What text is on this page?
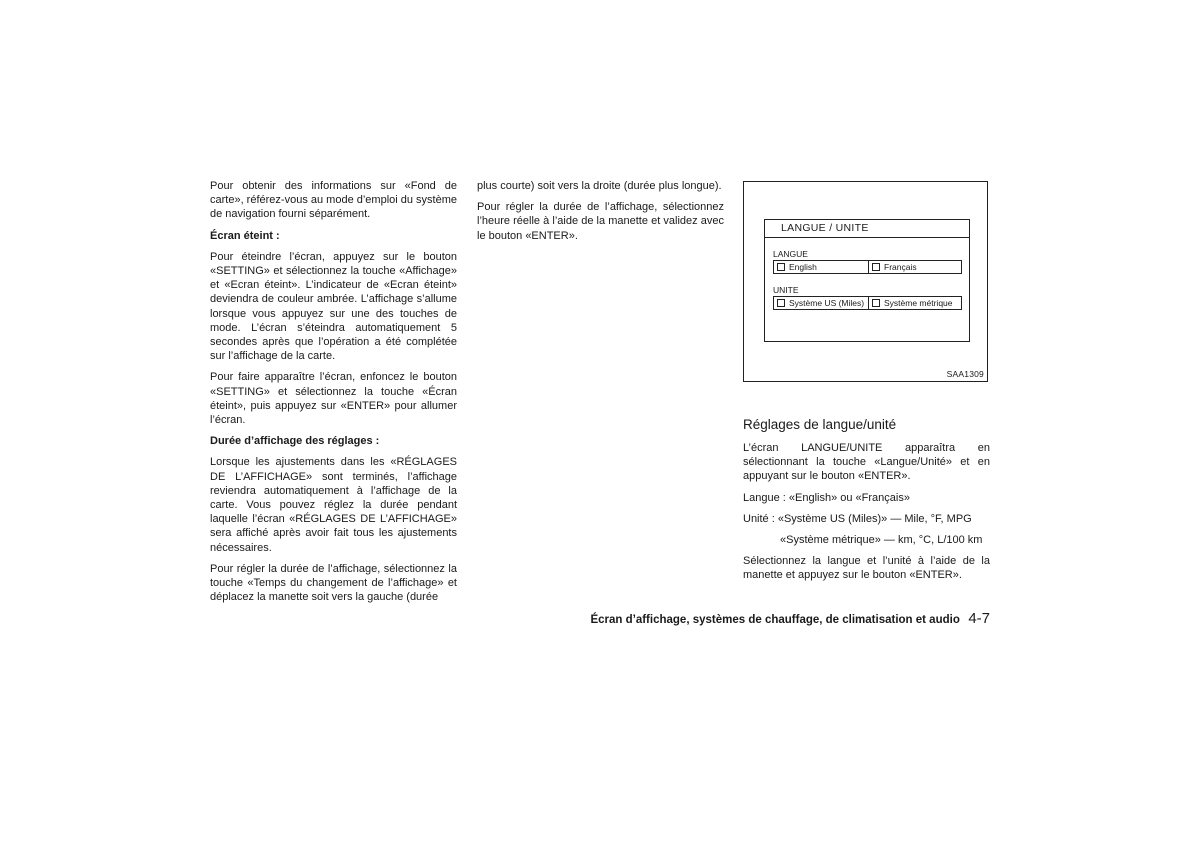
Pour obtenir des informations sur «Fond de carte», référez-vous au mode d’emploi du système de navigation fourni séparément.

Écran éteint :

Pour éteindre l’écran, appuyez sur le bouton «SETTING» et sélectionnez la touche «Affichage» et «Ecran éteint». L’indicateur de «Ecran éteint» deviendra de couleur ambrée. L’affichage s’allume lorsque vous appuyez sur une des touches de mode. L’écran s’éteindra automatiquement 5 secondes après que l’opération a été complétée sur l’affichage de la carte.

Pour faire apparaître l’écran, enfoncez le bouton «SETTING» et sélectionnez la touche «Écran éteint», puis appuyez sur «ENTER» pour allumer l’écran.

Durée d’affichage des réglages :

Lorsque les ajustements dans les «RÉGLAGES DE L’AFFICHAGE» sont terminés, l’affichage reviendra automatiquement à l’affichage de la carte. Vous pouvez réglez la durée pendant laquelle l’écran «RÉGLAGES DE L’AFFICHAGE» sera affiché après avoir fait tous les ajustements nécessaires.

Pour régler la durée de l’affichage, sélectionnez la touche «Temps du changement de l’affichage» et déplacez la manette soit vers la gauche (durée

plus courte) soit vers la droite (durée plus longue).

Pour régler la durée de l’affichage, sélectionnez l’heure réelle à l’aide de la manette et validez avec le bouton «ENTER».

LANGUE / UNITE
LANGUE
English	Français
UNITE
Système US (Miles) Système métrique
SAA1309
Réglages de langue/unité

L’écran LANGUE/UNITE apparaîtra en sélectionnant la touche «Langue/Unité» et en appuyant sur le bouton «ENTER».

Langue : «English» ou «Français»

Unité : «Système US (Miles)» — Mile, °F, MPG

«Système métrique» — km, °C, L/100 km

Sélectionnez la langue et l’unité à l’aide de la manette et appuyez sur le bouton «ENTER».

Écran d’affichage, systèmes de chauffage, de climatisation et audio 4-7
